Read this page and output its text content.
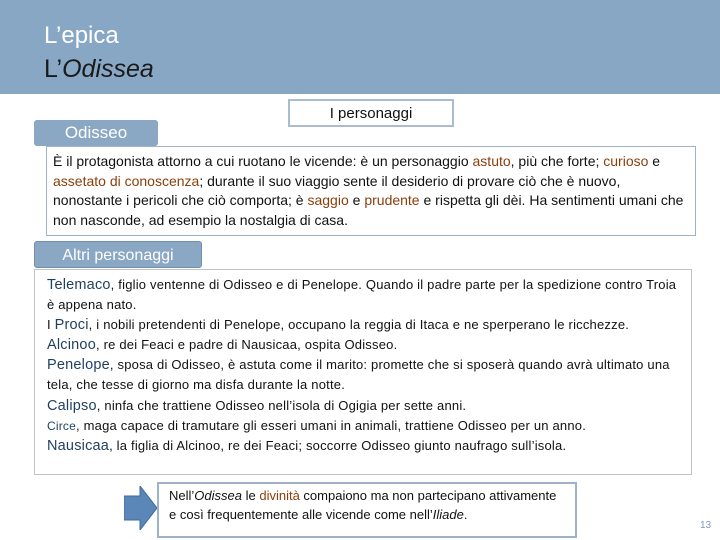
L’epica
L’Odissea
I personaggi
Odisseo
È il protagonista attorno a cui ruotano le vicende: è un personaggio astuto, più che forte; curioso e assetato di conoscenza; durante il suo viaggio sente il desiderio di provare ciò che è nuovo, nonostante i pericoli che ciò comporta; è saggio e prudente e rispetta gli dèi. Ha sentimenti umani che non nasconde, ad esempio la nostalgia di casa.
Altri personaggi

Telemaco, figlio ventenne di Odisseo e di Penelope. Quando il padre parte per la spedizione contro Troia è appena nato.

I Proci, i nobili pretendenti di Penelope, occupano la reggia di Itaca e ne sperperano le ricchezze.

Alcinoo, re dei Feaci e padre di Nausicaa, ospita Odisseo.

Penelope, sposa di Odisseo, è astuta come il marito: promette che si sposerà quando avrà ultimato una tela, che tesse di giorno ma disfa durante la notte.

Calipso, ninfa che trattiene Odisseo nell’isola di Ogigia per sette anni.

Circe, maga capace di tramutare gli esseri umani in animali, trattiene Odisseo per un anno.

Nausicaa, la figlia di Alcinoo, re dei Feaci; soccorre Odisseo giunto naufrago sull’isola.

Nell’Odissea le divinità compaiono ma non partecipano attivamente e così frequentemente alle vicende come nell’Iliade.
13
